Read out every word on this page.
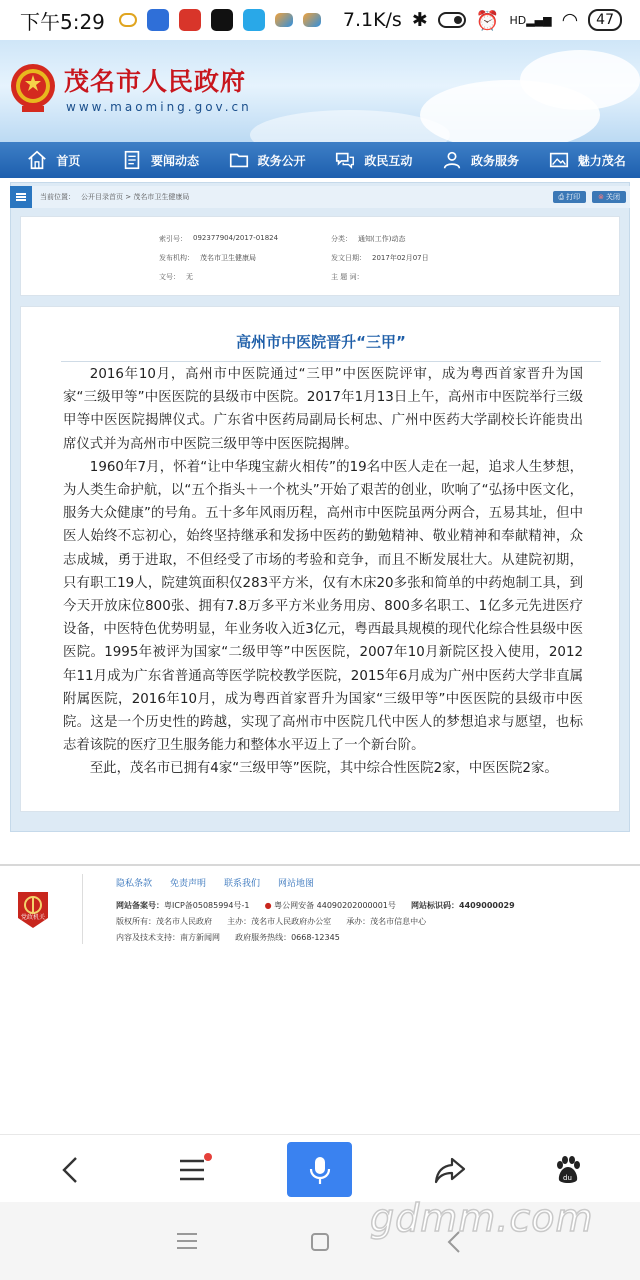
下午5:29	7.1K/s ✱	⏰ HD▂▄▆ ◠	47
茂名市人民政府
www.maoming.gov.cn
首页	要闻动态	政务公开	政民互动	政务服务	魅力茂名
当前位置： 公开目录首页 > 茂名市卫生健康局	⎙ 打印	⊗ 关闭
索引号： 092377904/2017-01824	分类： 通知(工作)动态
发布机构： 茂名市卫生健康局	发文日期： 2017年02月07日
文号： 无	主 题 词：
高州市中医院晋升“三甲”

2016年10月，高州市中医院通过“三甲”中医医院评审，成为粤西首家晋升为国家“三级甲等”中医医院的县级市中医院。2017年1月13日上午，高州市中医院举行三级甲等中医医院揭牌仪式。广东省中医药局副局长柯忠、广州中医药大学副校长许能贵出席仪式并为高州市中医院三级甲等中医医院揭牌。

1960年7月，怀着“让中华瑰宝薪火相传”的19名中医人走在一起，追求人生梦想，为人类生命护航，以“五个指头＋一个枕头”开始了艰苦的创业，吹响了“弘扬中医文化，服务大众健康”的号角。五十多年风雨历程，高州市中医院虽两分两合，五易其址，但中医人始终不忘初心，始终坚持继承和发扬中医药的勤勉精神、敬业精神和奉献精神，众志成城，勇于进取，不但经受了市场的考验和竞争，而且不断发展壮大。从建院初期，只有职工19人，院建筑面积仅283平方米，仅有木床20多张和简单的中药炮制工具，到今天开放床位800张、拥有7.8万多平方米业务用房、800多名职工、1亿多元先进医疗设备，中医特色优势明显，年业务收入近3亿元，粤西最具规模的现代化综合性县级中医医院。1995年被评为国家“二级甲等”中医医院，2007年10月新院区投入使用，2012年11月成为广东省普通高等医学院校教学医院，2015年6月成为广州中医药大学非直属附属医院，2016年10月，成为粤西首家晋升为国家“三级甲等”中医医院的县级市中医院。这是一个历史性的跨越，实现了高州市中医院几代中医人的梦想追求与愿望，也标志着该院的医疗卫生服务能力和整体水平迈上了一个新台阶。

至此，茂名市已拥有4家“三级甲等”医院，其中综合性医院2家，中医医院2家。

党政机关
隐私条款 免责声明 联系我们 网站地图
网站备案号：粤ICP备05085994号-1 ● 粤公网安备 44090202000001号 网站标识码：4409000029
版权所有：茂名市人民政府 主办：茂名市人民政府办公室 承办：茂名市信息中心
内容及技术支持：南方新闻网 政府服务热线：0668-12345
du
gdmm.com
